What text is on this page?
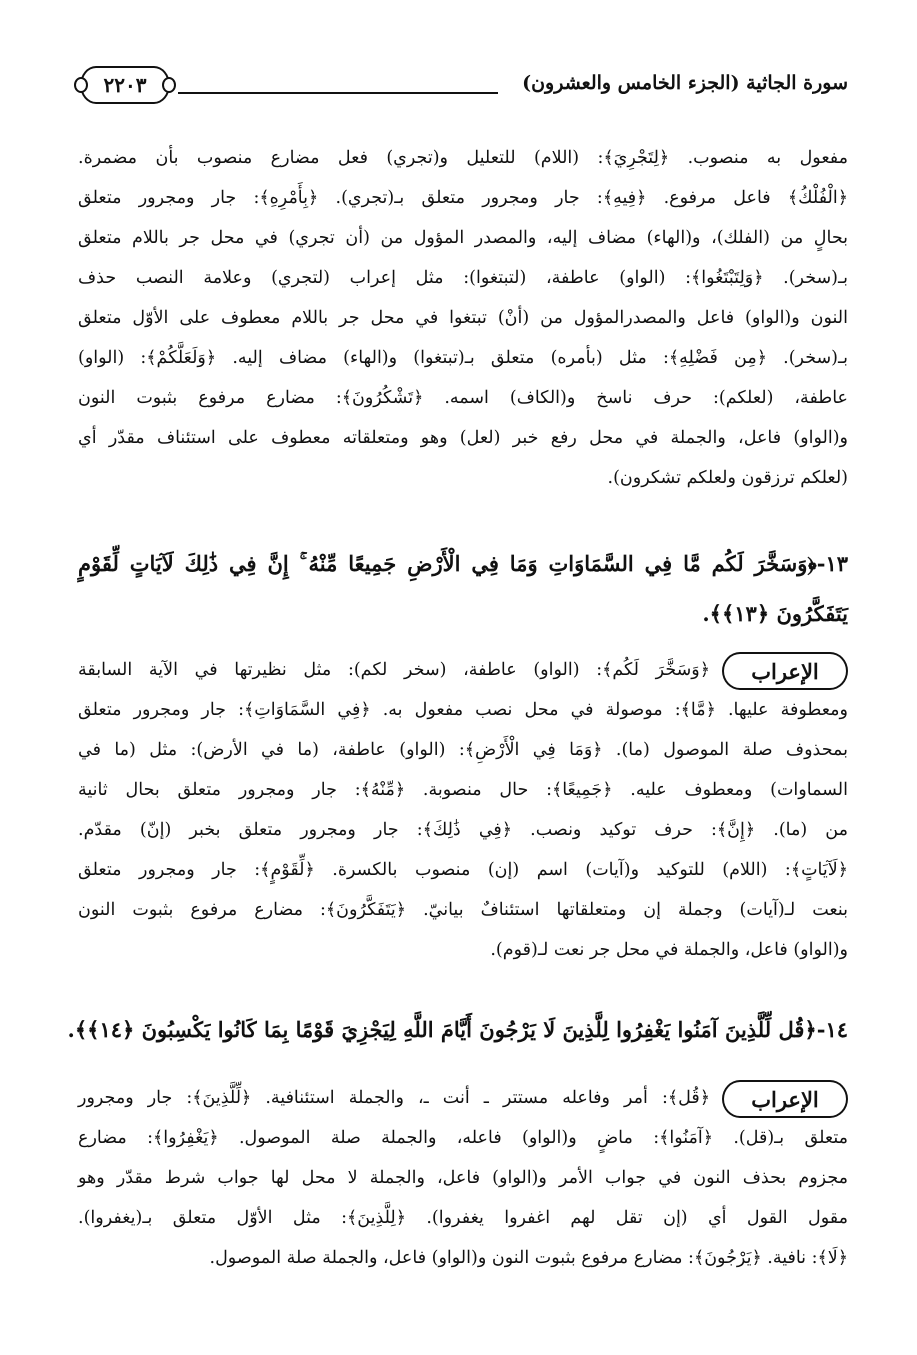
سورة الجاثية (الجزء الخامس والعشرون)
٢٢٠٣

مفعول به منصوب. ﴿لِتَجْرِيَ﴾: (اللام) للتعليل و(تجري) فعل مضارع منصوب بأن مضمرة.

﴿الْفُلْكُ﴾ فاعل مرفوع. ﴿فِيهِ﴾: جار ومجرور متعلق بـ(تجري). ﴿بِأَمْرِهِ﴾: جار ومجرور متعلق

بحالٍ من (الفلك)، و(الهاء) مضاف إليه، والمصدر المؤول من (أن تجري) في محل جر باللام متعلق

بـ(سخر). ﴿وَلِتَبْتَغُوا﴾: (الواو) عاطفة، (لتبتغوا): مثل إعراب (لتجري) وعلامة النصب حذف

النون و(الواو) فاعل والمصدرالمؤول من (أنْ) تبتغوا في محل جر باللام معطوف على الأوّل متعلق

بـ(سخر). ﴿مِن فَضْلِهِ﴾: مثل (بأمره) متعلق بـ(تبتغوا) و(الهاء) مضاف إليه. ﴿وَلَعَلَّكُمْ﴾: (الواو)

عاطفة، (لعلكم): حرف ناسخ و(الكاف) اسمه. ﴿تَشْكُرُونَ﴾: مضارع مرفوع بثبوت النون

و(الواو) فاعل، والجملة في محل رفع خبر (لعل) وهو ومتعلقاته معطوف على استئناف مقدّر أي

(لعلكم ترزقون ولعلكم تشكرون).

١٣-﴿وَسَخَّرَ لَكُم مَّا فِي السَّمَاوَاتِ وَمَا فِي الْأَرْضِ جَمِيعًا مِّنْهُ ۚ إِنَّ فِي ذَٰلِكَ لَآيَاتٍ لِّقَوْمٍ
يَتَفَكَّرُونَ ﴿١٣﴾﴾.
الإعراب

﴿وَسَخَّرَ لَكُم﴾: (الواو) عاطفة، (سخر لكم): مثل نظيرتها في الآية السابقة

ومعطوفة عليها. ﴿مَّا﴾: موصولة في محل نصب مفعول به. ﴿فِي السَّمَاوَاتِ﴾: جار ومجرور متعلق

بمحذوف صلة الموصول (ما). ﴿وَمَا فِي الْأَرْضِ﴾: (الواو) عاطفة، (ما في الأرض): مثل (ما في

السماوات) ومعطوف عليه. ﴿جَمِيعًا﴾: حال منصوبة. ﴿مِّنْهُ﴾: جار ومجرور متعلق بحال ثانية

من (ما). ﴿إِنَّ﴾: حرف توكيد ونصب. ﴿فِي ذَٰلِكَ﴾: جار ومجرور متعلق بخبر (إنّ) مقدّم.

﴿لَآيَاتٍ﴾: (اللام) للتوكيد و(آيات) اسم (إن) منصوب بالكسرة. ﴿لِّقَوْمٍ﴾: جار ومجرور متعلق

بنعت لـ(آيات) وجملة إن ومتعلقاتها استئنافٌ بيانيّ. ﴿يَتَفَكَّرُونَ﴾: مضارع مرفوع بثبوت النون

و(الواو) فاعل، والجملة في محل جر نعت لـ(قوم).

١٤-﴿قُل لِّلَّذِينَ آمَنُوا يَغْفِرُوا لِلَّذِينَ لَا يَرْجُونَ أَيَّامَ اللَّهِ لِيَجْزِيَ قَوْمًا بِمَا كَانُوا يَكْسِبُونَ ﴿١٤﴾﴾.
الإعراب

﴿قُل﴾: أمر وفاعله مستتر ـ أنت ـ، والجملة استئنافية. ﴿لِّلَّذِينَ﴾: جار ومجرور

متعلق بـ(قل). ﴿آمَنُوا﴾: ماضٍ و(الواو) فاعله، والجملة صلة الموصول. ﴿يَغْفِرُوا﴾: مضارع

مجزوم بحذف النون في جواب الأمر و(الواو) فاعل، والجملة لا محل لها جواب شرط مقدّر وهو

مقول القول أي (إن تقل لهم اغفروا يغفروا). ﴿لِلَّذِينَ﴾: مثل الأوّل متعلق بـ(يغفروا).

﴿لَا﴾: نافية. ﴿يَرْجُونَ﴾: مضارع مرفوع بثبوت النون و(الواو) فاعل، والجملة صلة الموصول.
